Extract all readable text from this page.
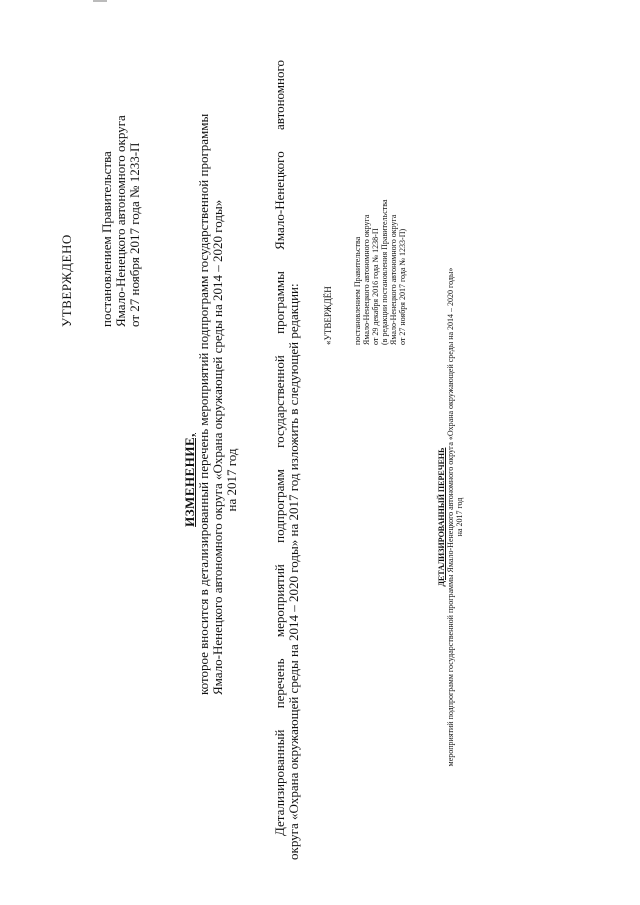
УТВЕРЖДЕНО постановлением Правительства Ямало-Ненецкого автономного округа от 27 ноября 2017 года № 1233-П
ИЗМЕНЕНИЕ, которое вносится в детализированный перечень мероприятий подпрограмм государственной программы Ямало-Ненецкого автономного округа «Охрана окружающей среды на 2014 – 2020 годы» на 2017 год	Детализированный перечень мероприятий подпрограмм государственной программы Ямало-Ненецкого автономного округа «Охрана окружающей среды на 2014 – 2020 годы» на 2017 год изложить в следующей редакции: «УТВЕРЖДЁН	постановлением Правительства Ямало-Ненецкого автономного округа от 29 декабря 2016 года № 1238-П (в редакции постановления Правительства Ямало-Ненецкого автономного округа от 27 ноября 2017 года № 1233-П)
ДЕТАЛИЗИРОВАННЫЙ ПЕРЕЧЕНЬ мероприятий подпрограмм государственной программы Ямало-Ненецкого автономного округа «Охрана окружающей среды на 2014 – 2020 годы» на 2017 год
